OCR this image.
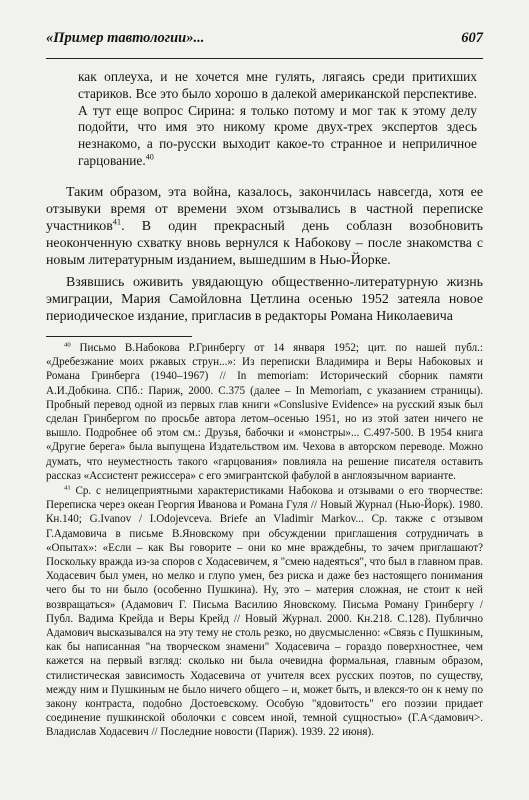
«Пример тавтологии»...	607
как оплеуха, и не хочется мне гулять, лягаясь среди притихших стариков. Все это было хорошо в далекой американской перспективе. А тут еще вопрос Сирина: я только потому и мог так к этому делу подойти, что имя это никому кроме двух-трех экспертов здесь незнакомо, а по-русски выходит какое-то странное и неприличное гарцование.$^{40}$

Таким образом, эта война, казалось, закончилась навсегда, хотя ее отзывуки время от времени эхом отзывались в частной переписке участников$^{41}$. В один прекрасный день соблазн возобновить неоконченную схватку вновь вернулся к Набокову – после знакомства с новым литературным изданием, вышедшим в Нью-Йорке.

Взявшись оживить увядающую общественно-литературную жизнь эмиграции, Мария Самойловна Цетлина осенью 1952 затеяла новое периодическое издание, пригласив в редакторы Романа Николаевича

$^{40}$ Письмо В.Набокова Р.Гринбергу от 14 января 1952; цит. по нашей публ.: «Дребезжание моих ржавых струн...»: Из переписки Владимира и Веры Набоковых и Романа Гринберга (1940–1967) // In memoriam: Исторический сборник памяти А.И.Добкина. СПб.: Париж, 2000. С.375 (далее – In Memoriam, с указанием страницы). Пробный перевод одной из первых глав книги «Conslusive Evidence» на русский язык был сделан Гринбергом по просьбе автора летом–осенью 1951, но из этой затеи ничего не вышло. Подробнее об этом см.: Друзья, бабочки и «монстры»... С.497-500. В 1954 книга «Другие берега» была выпущена Издательством им. Чехова в авторском переводе. Можно думать, что неуместность такого «гарцования» повлияла на решение писателя оставить рассказ «Ассистент режиссера» с его эмигрантской фабулой в англоязычном варианте.

$^{41}$ Ср. с нелицеприятными характеристиками Набокова и отзывами о его творчестве: Переписка через океан Георгия Иванова и Романа Гуля // Новый Журнал (Нью-Йорк). 1980. Кн.140; G.Ivanov / I.Odojevceva. Briefe an Vladimir Markov... Ср. также с отзывом Г.Адамовича в письме В.Яновскому при обсуждении приглашения сотрудничать в «Опытах»: «Если – как Вы говорите – они ко мне враждебны, то зачем приглашают? Поскольку вражда из-за споров с Ходасевичем, я "смею надеяться", что был в главном прав. Ходасевич был умен, но мелко и глупо умен, без риска и даже без настоящего понимания чего бы то ни было (особенно Пушкина). Ну, это – материя сложная, не стоит к ней возвращаться» (Адамович Г. Письма Василию Яновскому. Письма Роману Гринбергу / Публ. Вадима Крейда и Веры Крейд // Новый Журнал. 2000. Кн.218. С.128). Публично Адамович высказывался на эту тему не столь резко, но двусмысленно: «Связь с Пушкиным, как бы написанная "на творческом знамени" Ходасевича – гораздо поверхностнее, чем кажется на первый взгляд: сколько ни была очевидна формальная, главным образом, стилистическая зависимость Ходасевича от учителя всех русских поэтов, по существу, между ним и Пушкиным не было ничего общего – и, может быть, и влекся-то он к нему по закону контраста, подобно Достоевскому. Особую "ядовитость" его поэзии придает соединение пушкинской оболочки с совсем иной, темной сущностью» (Г.А<дамович>. Владислав Ходасевич // Последние новости (Париж). 1939. 22 июня).
